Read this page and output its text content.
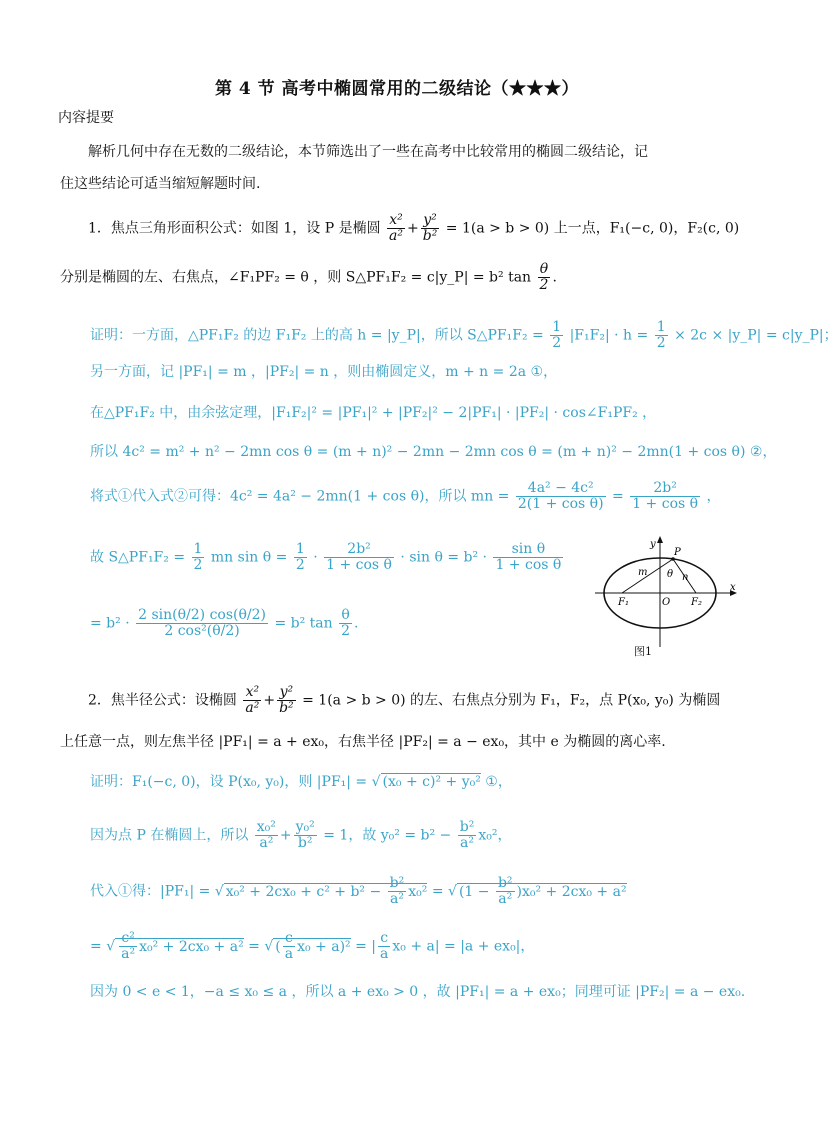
第 4 节 高考中椭圆常用的二级结论（★★★）
内容提要
解析几何中存在无数的二级结论，本节筛选出了一些在高考中比较常用的椭圆二级结论，记
住这些结论可适当缩短解题时间.
1．焦点三角形面积公式：如图 1，设 P 是椭圆 $\frac{\text{x²}}{\text{a²}} + \frac{\text{y²}}{\text{b²}} = 1(a > b > 0)$ 上一点，F₁(−c, 0)，F₂(c, 0)
分别是椭圆的左、右焦点，∠F₁PF₂ = θ ，则 S△PF₁F₂ = c|y_P| = b² $\tan \frac{\theta}{2}$ .
证明：一方面，△PF₁F₂ 的边 F₁F₂ 上的高 h = |y_P|，所以 S△PF₁F₂ = $\frac{1}{2} |F_1F_2| \cdot h = \frac{1}{2} \times 2c$ × |y_P| = c|y_P|；
另一方面，记 |PF₁| = m ，|PF₂| = n ，则由椭圆定义，m + n = 2a ①，
在△PF₁F₂ 中，由余弦定理，|F₁F₂|² = |PF₁|² + |PF₂|² − 2|PF₁| · |PF₂| · cos∠F₁PF₂ ，
所以 4c² = m² + n² − 2mn cos θ = (m + n)² − 2mn − 2mn cos θ = (m + n)² − 2mn(1 + cos θ) ②，
将式①代入式②可得：4c² = 4a² − 2mn(1 + cos θ)，所以 mn = $\frac{\text{4a² − 4c²}}{\text{2(1 + cos θ)}} = \frac{\text{2b²}}{\text{1 + cos θ}}$ ，
故 S△PF₁F₂ = $\frac{1}{2}$ mn $\sin \theta = \frac{1}{2} \cdot \frac{\text{2b²}}{\text{1 + cos θ}} \cdot \sin \theta = b^2 \cdot \frac{\text{sin θ}}{\text{1 + cos θ}}$
= $b^2 \cdot \frac{2 \sin(\theta/2) \cos(\theta/2)}{\text{2 cos²(θ/2)}} = b^2$ $\tan \frac{\theta}{2}$ .
y
x
P
m	n
θ
O
F₁	F₂
图1
2．焦半径公式：设椭圆 $\frac{\text{x²}}{\text{a²}} + \frac{\text{y²}}{\text{b²}} = 1(a > b > 0)$ 的左、右焦点分别为 F₁，F₂，点 P(x₀, y₀) 为椭圆
上任意一点，则左焦半径 |PF₁| = a + ex₀，右焦半径 |PF₂| = a − ex₀，其中 e 为椭圆的离心率.
证明：F₁(−c, 0)，设 P(x₀, y₀)，则 |PF₁| = √ (x₀ + c)² + y₀² ①，
因为点 P 在椭圆上，所以 $\frac{\text{x₀²}}{\text{a²}} + \frac{\text{y₀²}}{\text{b²}} = 1$，故 $y_0^2 = b^2 - \frac{\text{b²}}{\text{a²}} x_0^2$，
代入①得：|PF₁| = √ $x_0^2 + 2cx_0 + c^2 + b^2 - \frac{\text{b²}}{\text{a²}} x_0^2$ = √ $(1 - \frac{\text{b²}}{\text{a²}} )x_0^2 + 2cx_0 + a^2$
= √ $\frac{\text{c²}}{\text{a²}} x_0^2 + 2cx_0 + a^2$ = √ ( $\frac{c}{a} x_0 + a)^2$ = | $\frac{c}{a} x_0 + a| = |a + ex_0|$，
因为 0 < e < 1，−a ≤ x₀ ≤ a ，所以 a + ex₀ > 0 ，故 |PF₁| = a + ex₀；同理可证 |PF₂| = a − ex₀.
